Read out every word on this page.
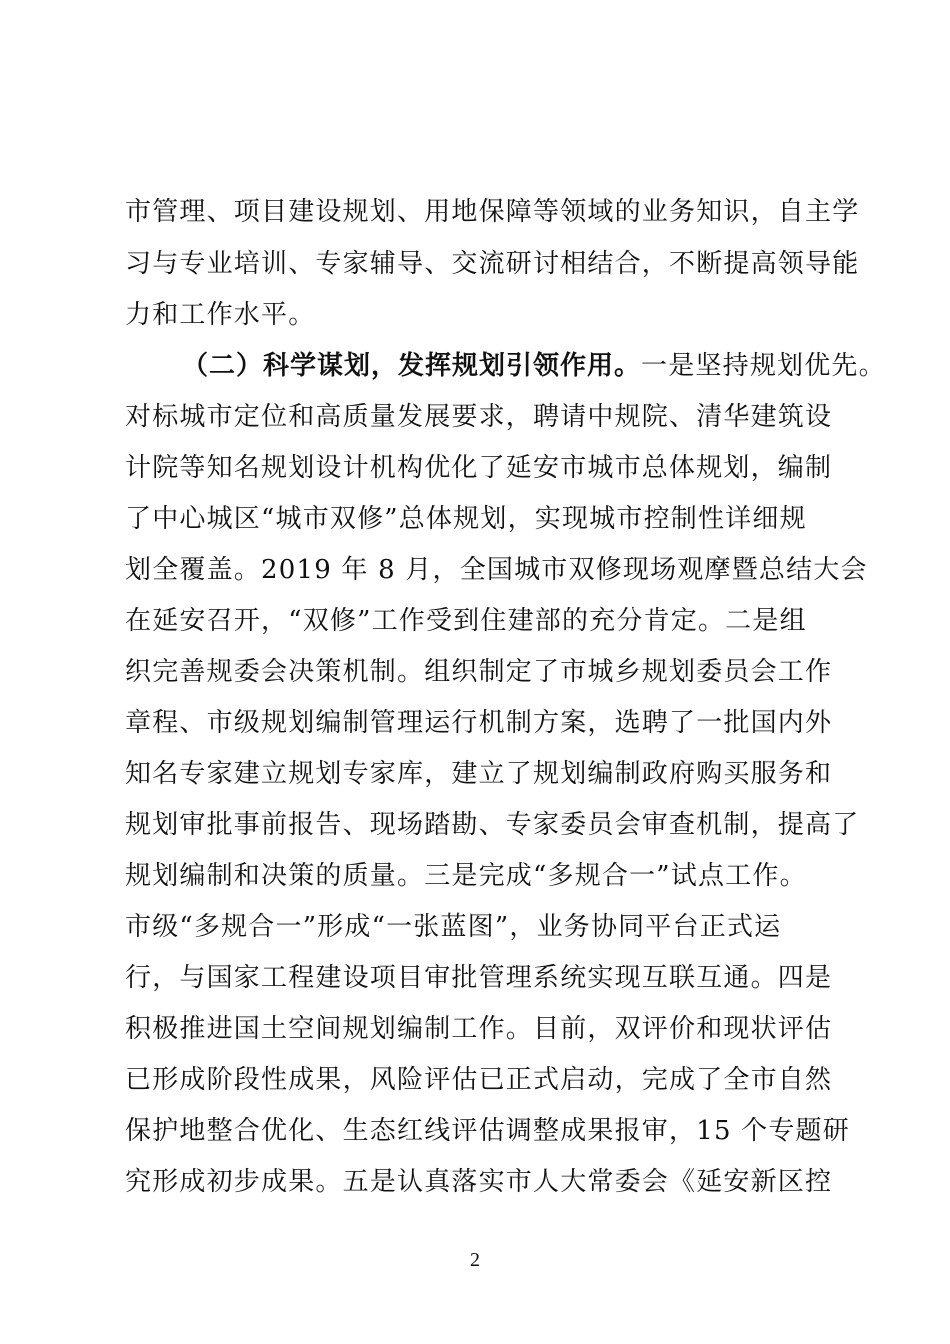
市管理、项目建设规划、用地保障等领域的业务知识，自主学
习与专业培训、专家辅导、交流研讨相结合，不断提高领导能
力和工作水平。
（二）科学谋划，发挥规划引领作用。一是坚持规划优先。
对标城市定位和高质量发展要求，聘请中规院、清华建筑设
计院等知名规划设计机构优化了延安市城市总体规划，编制
了中心城区“城市双修”总体规划，实现城市控制性详细规
划全覆盖。2019 年 8 月，全国城市双修现场观摩暨总结大会
在延安召开，“双修”工作受到住建部的充分肯定。二是组
织完善规委会决策机制。组织制定了市城乡规划委员会工作
章程、市级规划编制管理运行机制方案，选聘了一批国内外
知名专家建立规划专家库，建立了规划编制政府购买服务和
规划审批事前报告、现场踏勘、专家委员会审查机制，提高了
规划编制和决策的质量。三是完成“多规合一”试点工作。
市级“多规合一”形成“一张蓝图”，业务协同平台正式运
行，与国家工程建设项目审批管理系统实现互联互通。四是
积极推进国土空间规划编制工作。目前，双评价和现状评估
已形成阶段性成果，风险评估已正式启动，完成了全市自然
保护地整合优化、生态红线评估调整成果报审，15 个专题研
究形成初步成果。五是认真落实市人大常委会《延安新区控
2
